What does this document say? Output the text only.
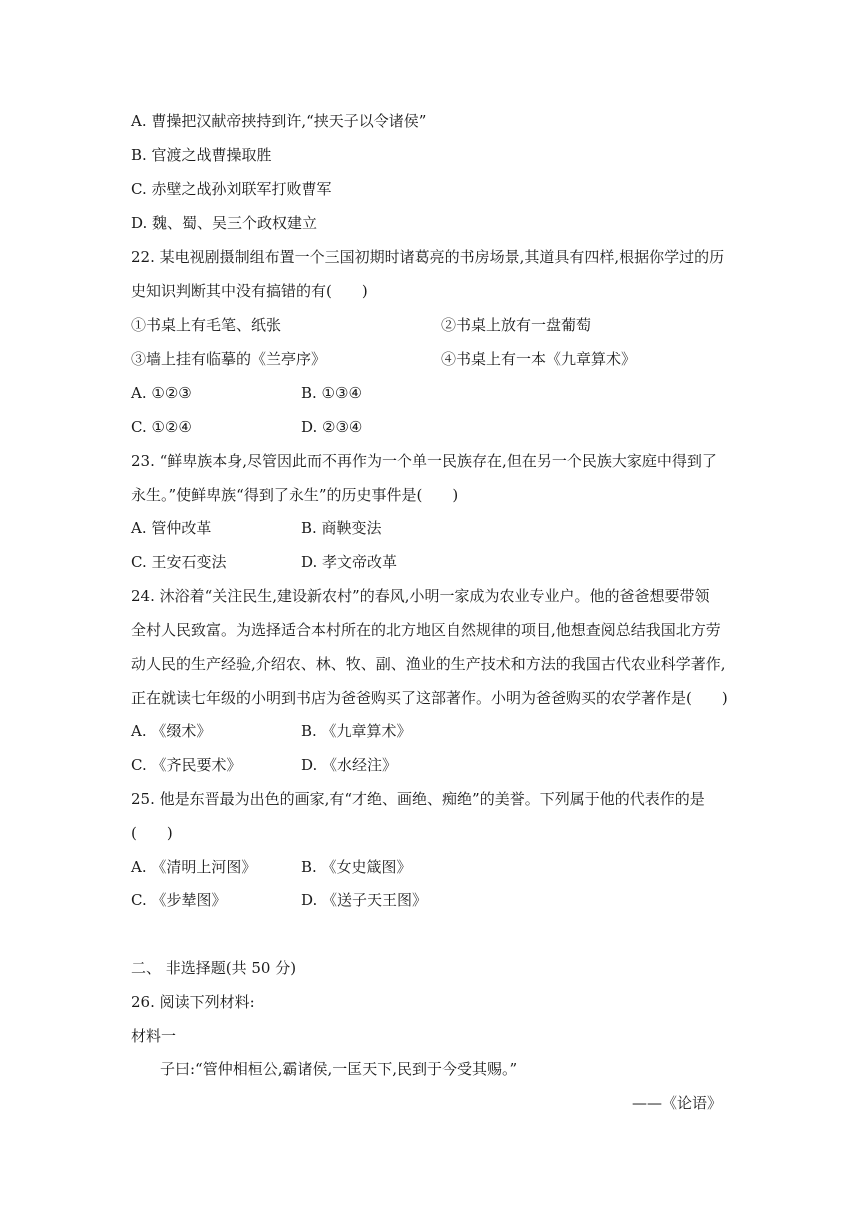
A. 曹操把汉献帝挟持到许,“挟天子以令诸侯”
B. 官渡之战曹操取胜
C. 赤壁之战孙刘联军打败曹军
D. 魏、蜀、吴三个政权建立
22. 某电视剧摄制组布置一个三国初期时诸葛亮的书房场景,其道具有四样,根据你学过的历
史知识判断其中没有搞错的有(　　)
①书桌上有毛笔、纸张	②书桌上放有一盘葡萄
③墙上挂有临摹的《兰亭序》	④书桌上有一本《九章算术》
A. ①②③	B. ①③④
C. ①②④	D. ②③④
23. “鲜卑族本身,尽管因此而不再作为一个单一民族存在,但在另一个民族大家庭中得到了
永生。”使鲜卑族“得到了永生”的历史事件是(　　)
A. 管仲改革	B. 商鞅变法
C. 王安石变法	D. 孝文帝改革
24. 沐浴着“关注民生,建设新农村”的春风,小明一家成为农业专业户。他的爸爸想要带领
全村人民致富。为选择适合本村所在的北方地区自然规律的项目,他想查阅总结我国北方劳
动人民的生产经验,介绍农、林、牧、副、渔业的生产技术和方法的我国古代农业科学著作,
正在就读七年级的小明到书店为爸爸购买了这部著作。小明为爸爸购买的农学著作是(　　)
A. 《缀术》	B. 《九章算术》
C. 《齐民要术》	D. 《水经注》
25. 他是东晋最为出色的画家,有“才绝、画绝、痴绝”的美誉。下列属于他的代表作的是
(　　)
A. 《清明上河图》	B. 《女史箴图》
C. 《步辇图》	D. 《送子天王图》
二、 非选择题(共 50 分)
26. 阅读下列材料:
材料一
子曰:“管仲相桓公,霸诸侯,一匡天下,民到于今受其赐。”
——《论语》
